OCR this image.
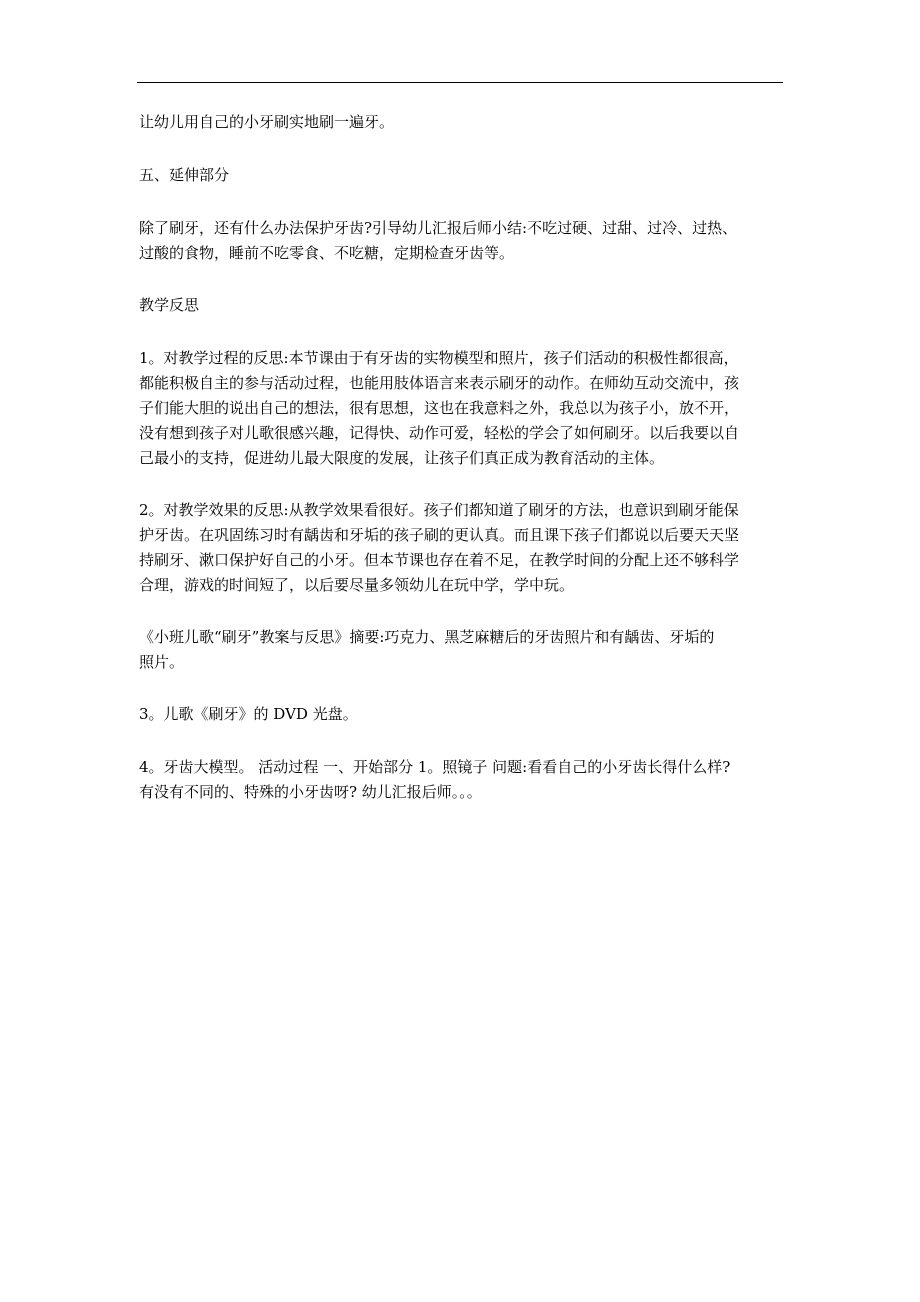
让幼儿用自己的小牙刷实地刷一遍牙。

五、延伸部分

除了刷牙，还有什么办法保护牙齿?引导幼儿汇报后师小结:不吃过硬、过甜、过冷、过热、
过酸的食物，睡前不吃零食、不吃糖，定期检查牙齿等。

教学反思

1。对教学过程的反思:本节课由于有牙齿的实物模型和照片，孩子们活动的积极性都很高，
都能积极自主的参与活动过程，也能用肢体语言来表示刷牙的动作。在师幼互动交流中，孩
子们能大胆的说出自己的想法，很有思想，这也在我意料之外，我总以为孩子小，放不开，
没有想到孩子对儿歌很感兴趣，记得快、动作可爱，轻松的学会了如何刷牙。以后我要以自
己最小的支持，促进幼儿最大限度的发展，让孩子们真正成为教育活动的主体。

2。对教学效果的反思:从教学效果看很好。孩子们都知道了刷牙的方法，也意识到刷牙能保
护牙齿。在巩固练习时有龋齿和牙垢的孩子刷的更认真。而且课下孩子们都说以后要天天坚
持刷牙、漱口保护好自己的小牙。但本节课也存在着不足，在教学时间的分配上还不够科学
合理，游戏的时间短了，以后要尽量多领幼儿在玩中学，学中玩。

《小班儿歌“刷牙”教案与反思》摘要:巧克力、黑芝麻糖后的牙齿照片和有龋齿、牙垢的
照片。

3。儿歌《刷牙》的 DVD 光盘。

4。牙齿大模型。 活动过程 一、开始部分 1。照镜子 问题:看看自己的小牙齿长得什么样?
有没有不同的、特殊的小牙齿呀? 幼儿汇报后师。。。
